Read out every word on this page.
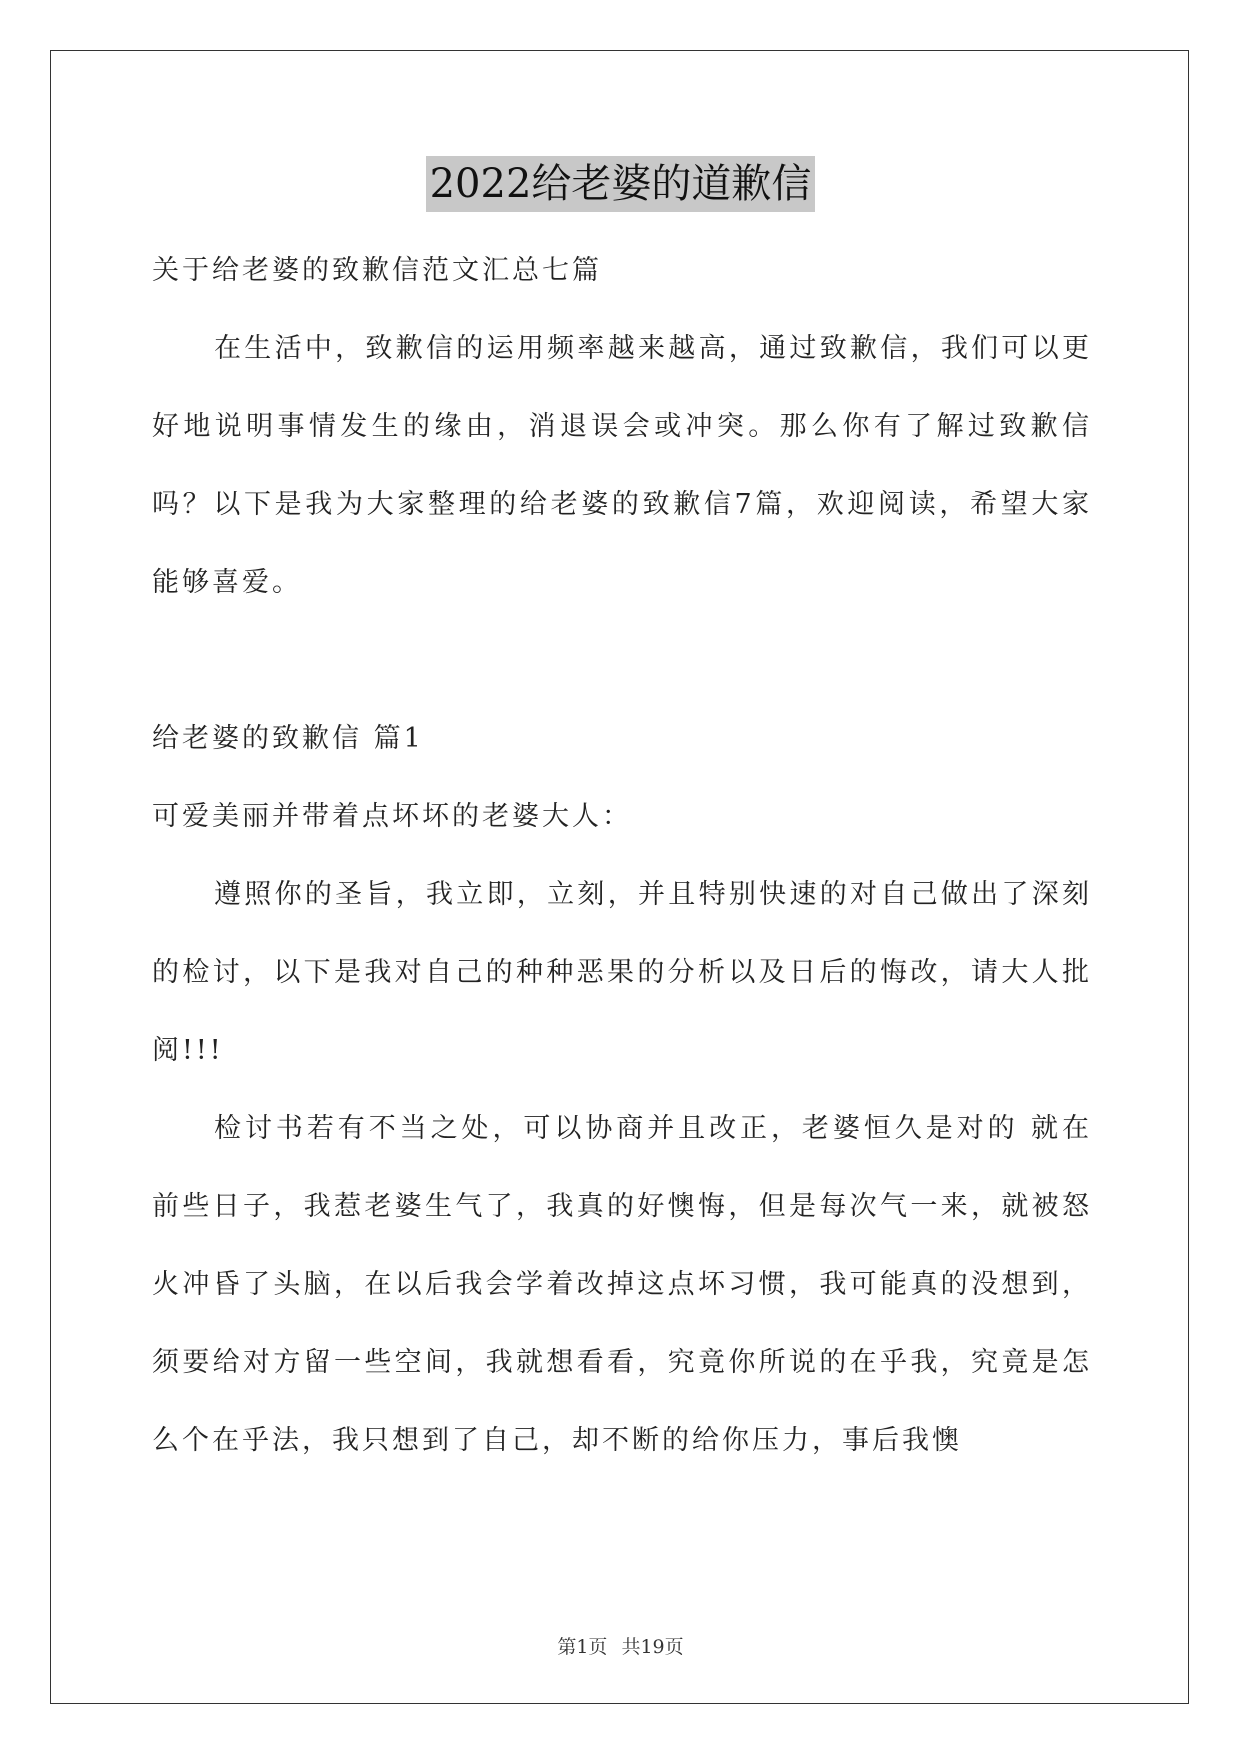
2022给老婆的道歉信

关于给老婆的致歉信范文汇总七篇

在生活中，致歉信的运用频率越来越高，通过致歉信，我们可以更好地说明事情发生的缘由，消退误会或冲突。那么你有了解过致歉信吗？以下是我为大家整理的给老婆的致歉信7篇，欢迎阅读，希望大家能够喜爱。

给老婆的致歉信 篇1

可爱美丽并带着点坏坏的老婆大人：

遵照你的圣旨，我立即，立刻，并且特别快速的对自己做出了深刻的检讨，以下是我对自己的种种恶果的分析以及日后的悔改，请大人批阅!!!

检讨书若有不当之处，可以协商并且改正，老婆恒久是对的 就在前些日子，我惹老婆生气了，我真的好懊悔，但是每次气一来，就被怒火冲昏了头脑，在以后我会学着改掉这点坏习惯，我可能真的没想到，须要给对方留一些空间，我就想看看，究竟你所说的在乎我，究竟是怎么个在乎法，我只想到了自己，却不断的给你压力，事后我懊

第1页 共19页
